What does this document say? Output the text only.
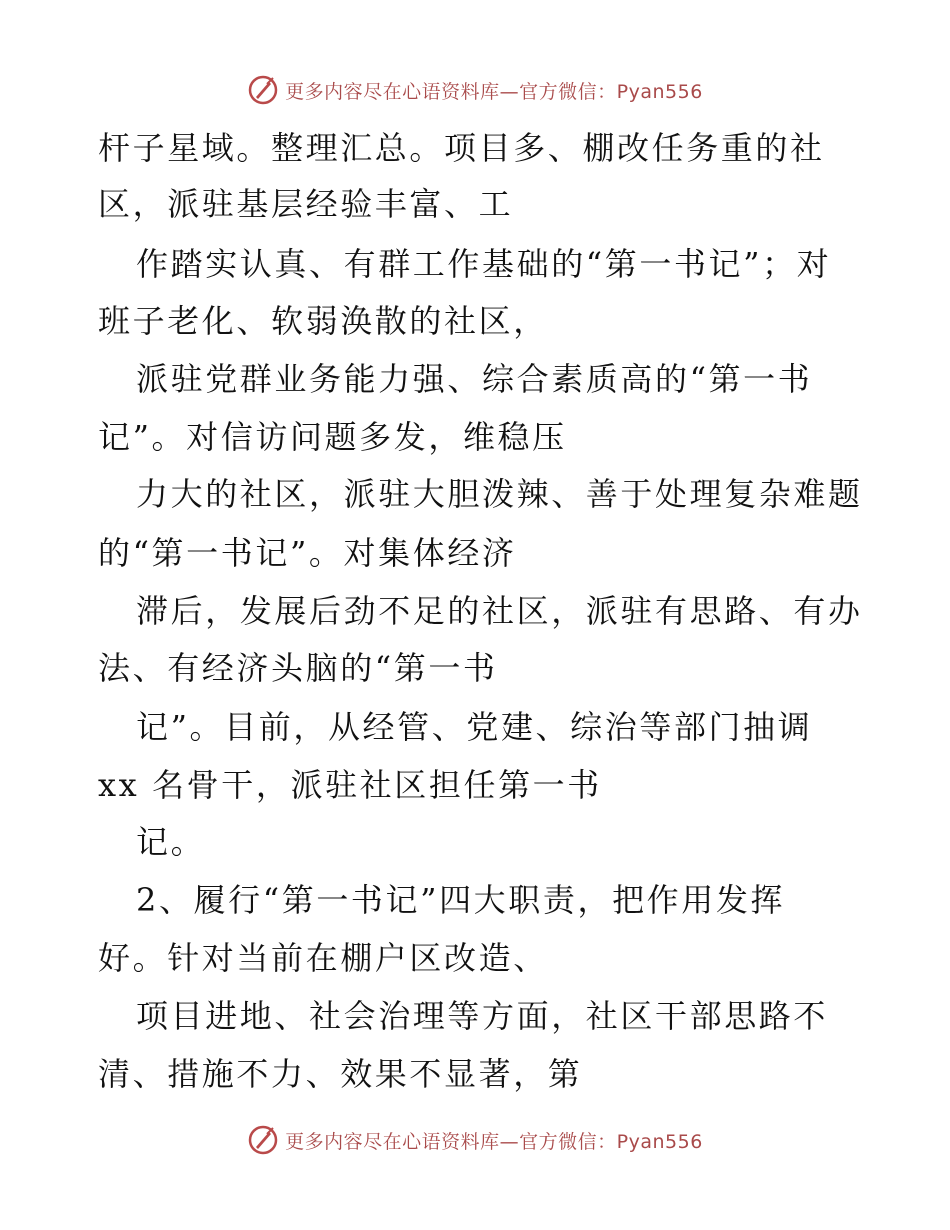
更多内容尽在心语资料库—官方微信：Pyan556
杆子星域。整理汇总。项目多、棚改任务重的社
区，派驻基层经验丰富、工
作踏实认真、有群工作基础的“第一书记”；对
班子老化、软弱涣散的社区，
派驻党群业务能力强、综合素质高的“第一书
记”。对信访问题多发，维稳压
力大的社区，派驻大胆泼辣、善于处理复杂难题
的“第一书记”。对集体经济
滞后，发展后劲不足的社区，派驻有思路、有办
法、有经济头脑的“第一书
记”。目前，从经管、党建、综治等部门抽调
xx 名骨干，派驻社区担任第一书
记。
2、履行“第一书记”四大职责，把作用发挥
好。针对当前在棚户区改造、
项目进地、社会治理等方面，社区干部思路不
清、措施不力、效果不显著，第
更多内容尽在心语资料库—官方微信：Pyan556
